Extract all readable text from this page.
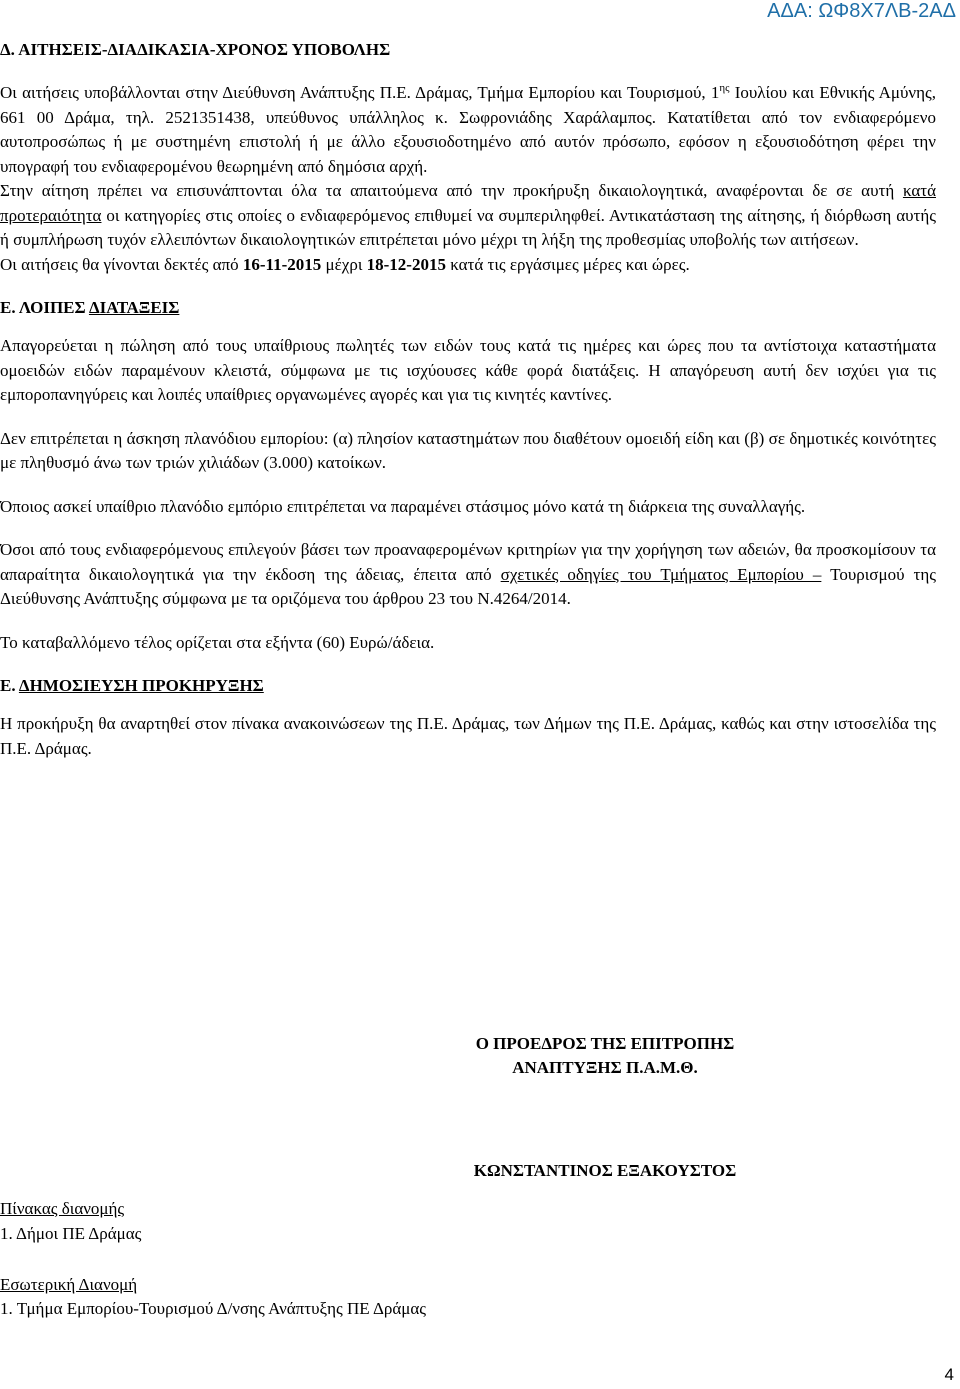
ΑΔΑ: ΩΦ8Χ7ΛΒ-2ΑΔ
Δ. ΑΙΤΗΣΕΙΣ-ΔΙΑΔΙΚΑΣΙΑ-ΧΡΟΝΟΣ ΥΠΟΒΟΛΗΣ

Οι αιτήσεις υποβάλλονται στην Διεύθυνση Ανάπτυξης Π.Ε. Δράμας, Τμήμα Εμπορίου και Τουρισμού, $1^{\eta\varsigma}$ Ιουλίου και Εθνικής Αμύνης, 661 00 Δράμα, τηλ. 2521351438, υπεύθυνος υπάλληλος κ. Σωφρονιάδης Χαράλαμπος. Κατατίθεται από τον ενδιαφερόμενο αυτοπροσώπως ή με συστημένη επιστολή ή με άλλο εξουσιοδοτημένο από αυτόν πρόσωπο, εφόσον η εξουσιοδότηση φέρει την υπογραφή του ενδιαφερομένου θεωρημένη από δημόσια αρχή.

Στην αίτηση πρέπει να επισυνάπτονται όλα τα απαιτούμενα από την προκήρυξη δικαιολογητικά, αναφέρονται δε σε αυτή κατά προτεραιότητα οι κατηγορίες στις οποίες ο ενδιαφερόμενος επιθυμεί να συμπεριληφθεί. Αντικατάσταση της αίτησης, ή διόρθωση αυτής ή συμπλήρωση τυχόν ελλειπόντων δικαιολογητικών επιτρέπεται μόνο μέχρι τη λήξη της προθεσμίας υποβολής των αιτήσεων.

Οι αιτήσεις θα γίνονται δεκτές από 16-11-2015 μέχρι 18-12-2015 κατά τις εργάσιμες μέρες και ώρες.

Ε. ΛΟΙΠΕΣ ΔΙΑΤΑΞΕΙΣ

Απαγορεύεται η πώληση από τους υπαίθριους πωλητές των ειδών τους κατά τις ημέρες και ώρες που τα αντίστοιχα καταστήματα ομοειδών ειδών παραμένουν κλειστά, σύμφωνα με τις ισχύουσες κάθε φορά διατάξεις. Η απαγόρευση αυτή δεν ισχύει για τις εμποροπανηγύρεις και λοιπές υπαίθριες οργανωμένες αγορές και για τις κινητές καντίνες.

Δεν επιτρέπεται η άσκηση πλανόδιου εμπορίου: (α) πλησίον καταστημάτων που διαθέτουν ομοειδή είδη και (β) σε δημοτικές κοινότητες με πληθυσμό άνω των τριών χιλιάδων (3.000) κατοίκων.

Όποιος ασκεί υπαίθριο πλανόδιο εμπόριο επιτρέπεται να παραμένει στάσιμος μόνο κατά τη διάρκεια της συναλλαγής.

Όσοι από τους ενδιαφερόμενους επιλεγούν βάσει των προαναφερομένων κριτηρίων για την χορήγηση των αδειών, θα προσκομίσουν τα απαραίτητα δικαιολογητικά για την έκδοση της άδειας, έπειτα από σχετικές οδηγίες του Τμήματος Εμπορίου – Τουρισμού της Διεύθυνσης Ανάπτυξης σύμφωνα με τα οριζόμενα του άρθρου 23 του Ν.4264/2014.

Το καταβαλλόμενο τέλος ορίζεται στα εξήντα (60) Ευρώ/άδεια.

Ε. ΔΗΜΟΣΙΕΥΣΗ ΠΡΟΚΗΡΥΞΗΣ

Η προκήρυξη θα αναρτηθεί στον πίνακα ανακοινώσεων της Π.Ε. Δράμας, των Δήμων της Π.Ε. Δράμας, καθώς και στην ιστοσελίδα της Π.Ε. Δράμας.

Ο ΠΡΟΕΔΡΟΣ ΤΗΣ ΕΠΙΤΡΟΠΗΣ
ΑΝΑΠΤΥΞΗΣ Π.Α.Μ.Θ.
ΚΩΝΣΤΑΝΤΙΝΟΣ ΕΞΑΚΟΥΣΤΟΣ
Πίνακας διανομής
1. Δήμοι ΠΕ Δράμας
Εσωτερική Διανομή
1. Τμήμα Εμπορίου-Τουρισμού Δ/νσης Ανάπτυξης ΠΕ Δράμας
4
